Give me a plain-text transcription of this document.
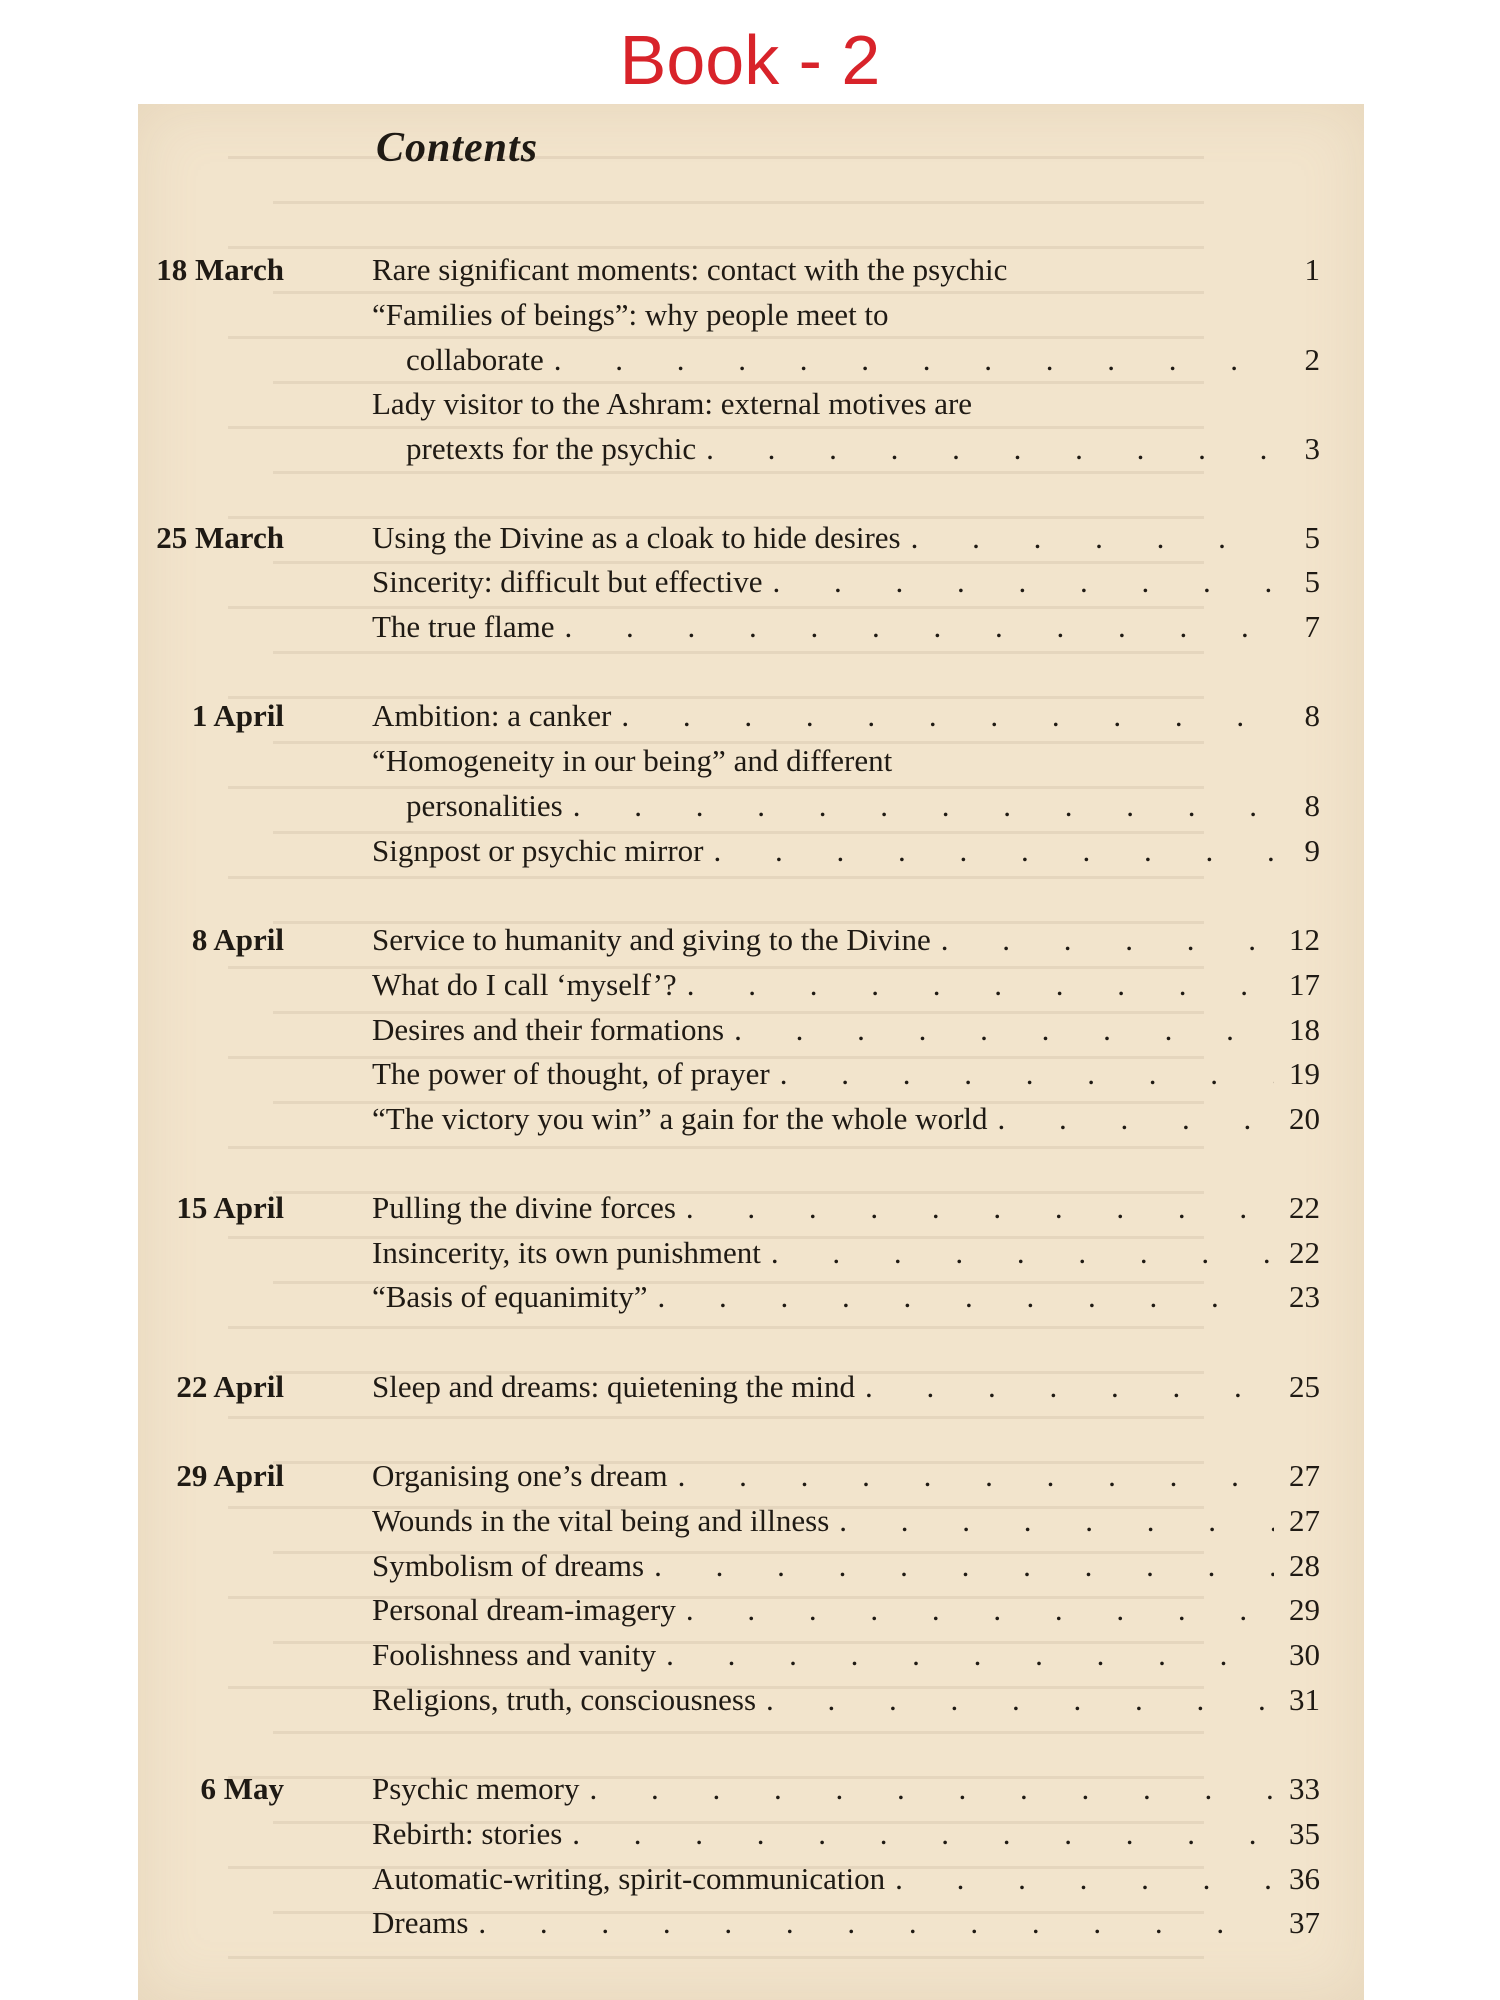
Book - 2
Contents
18 March	Rare significant moments: contact with the psychic	1
“Families of beings”: why people meet to
collaborate . . .	2
Lady visitor to the Ashram: external motives are
pretexts for the psychic . . .	3
25 March	Using the Divine as a cloak to hide desires . . .	5
Sincerity: difficult but effective . . .	5
The true flame . . .	7
1 April	Ambition: a canker . . .	8
“Homogeneity in our being” and different
personalities . . .	8
Signpost or psychic mirror . . .	9
8 April	Service to humanity and giving to the Divine . . .	12
What do I call ‘myself’? . . .	17
Desires and their formations . . .	18
The power of thought, of prayer . . .	19
“The victory you win” a gain for the whole world . . .	20
15 April	Pulling the divine forces . . .	22
Insincerity, its own punishment . . .	22
“Basis of equanimity” . . .	23
22 April	Sleep and dreams: quietening the mind . . .	25
29 April	Organising one’s dream . . .	27
Wounds in the vital being and illness . . .	27
Symbolism of dreams . . .	28
Personal dream-imagery . . .	29
Foolishness and vanity . . .	30
Religions, truth, consciousness . . .	31
6 May	Psychic memory . . .	33
Rebirth: stories . . .	35
Automatic-writing, spirit-communication . . .	36
Dreams . . .	37
